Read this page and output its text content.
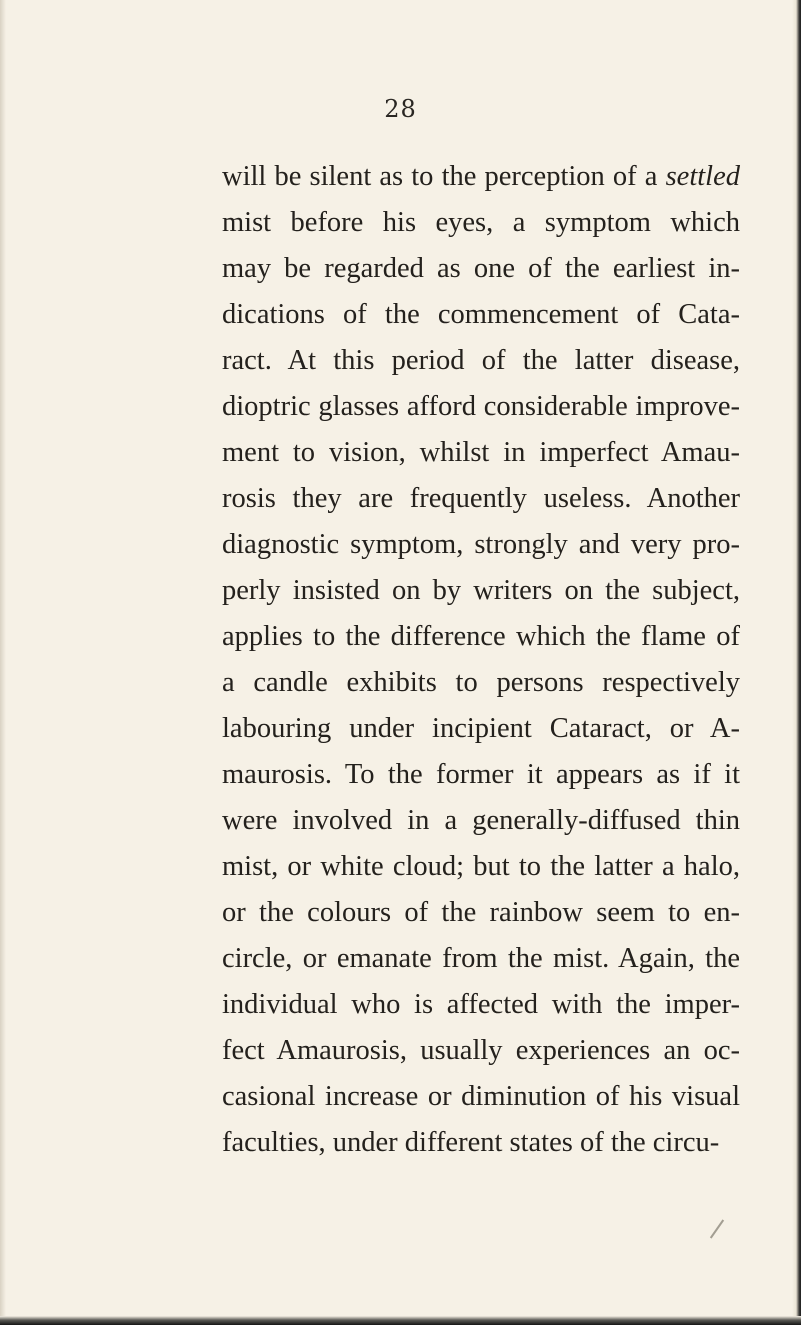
28
will be silent as to the perception of a settled
mist before his eyes, a symptom which
may be regarded as one of the earliest in-
dications of the commencement of Cata-
ract. At this period of the latter disease,
dioptric glasses afford considerable improve-
ment to vision, whilst in imperfect Amau-
rosis they are frequently useless. Another
diagnostic symptom, strongly and very pro-
perly insisted on by writers on the subject,
applies to the difference which the flame of
a candle exhibits to persons respectively
labouring under incipient Cataract, or A-
maurosis. To the former it appears as if it
were involved in a generally-diffused thin
mist, or white cloud; but to the latter a halo,
or the colours of the rainbow seem to en-
circle, or emanate from the mist. Again, the
individual who is affected with the imper-
fect Amaurosis, usually experiences an oc-
casional increase or diminution of his visual
faculties, under different states of the circu-
